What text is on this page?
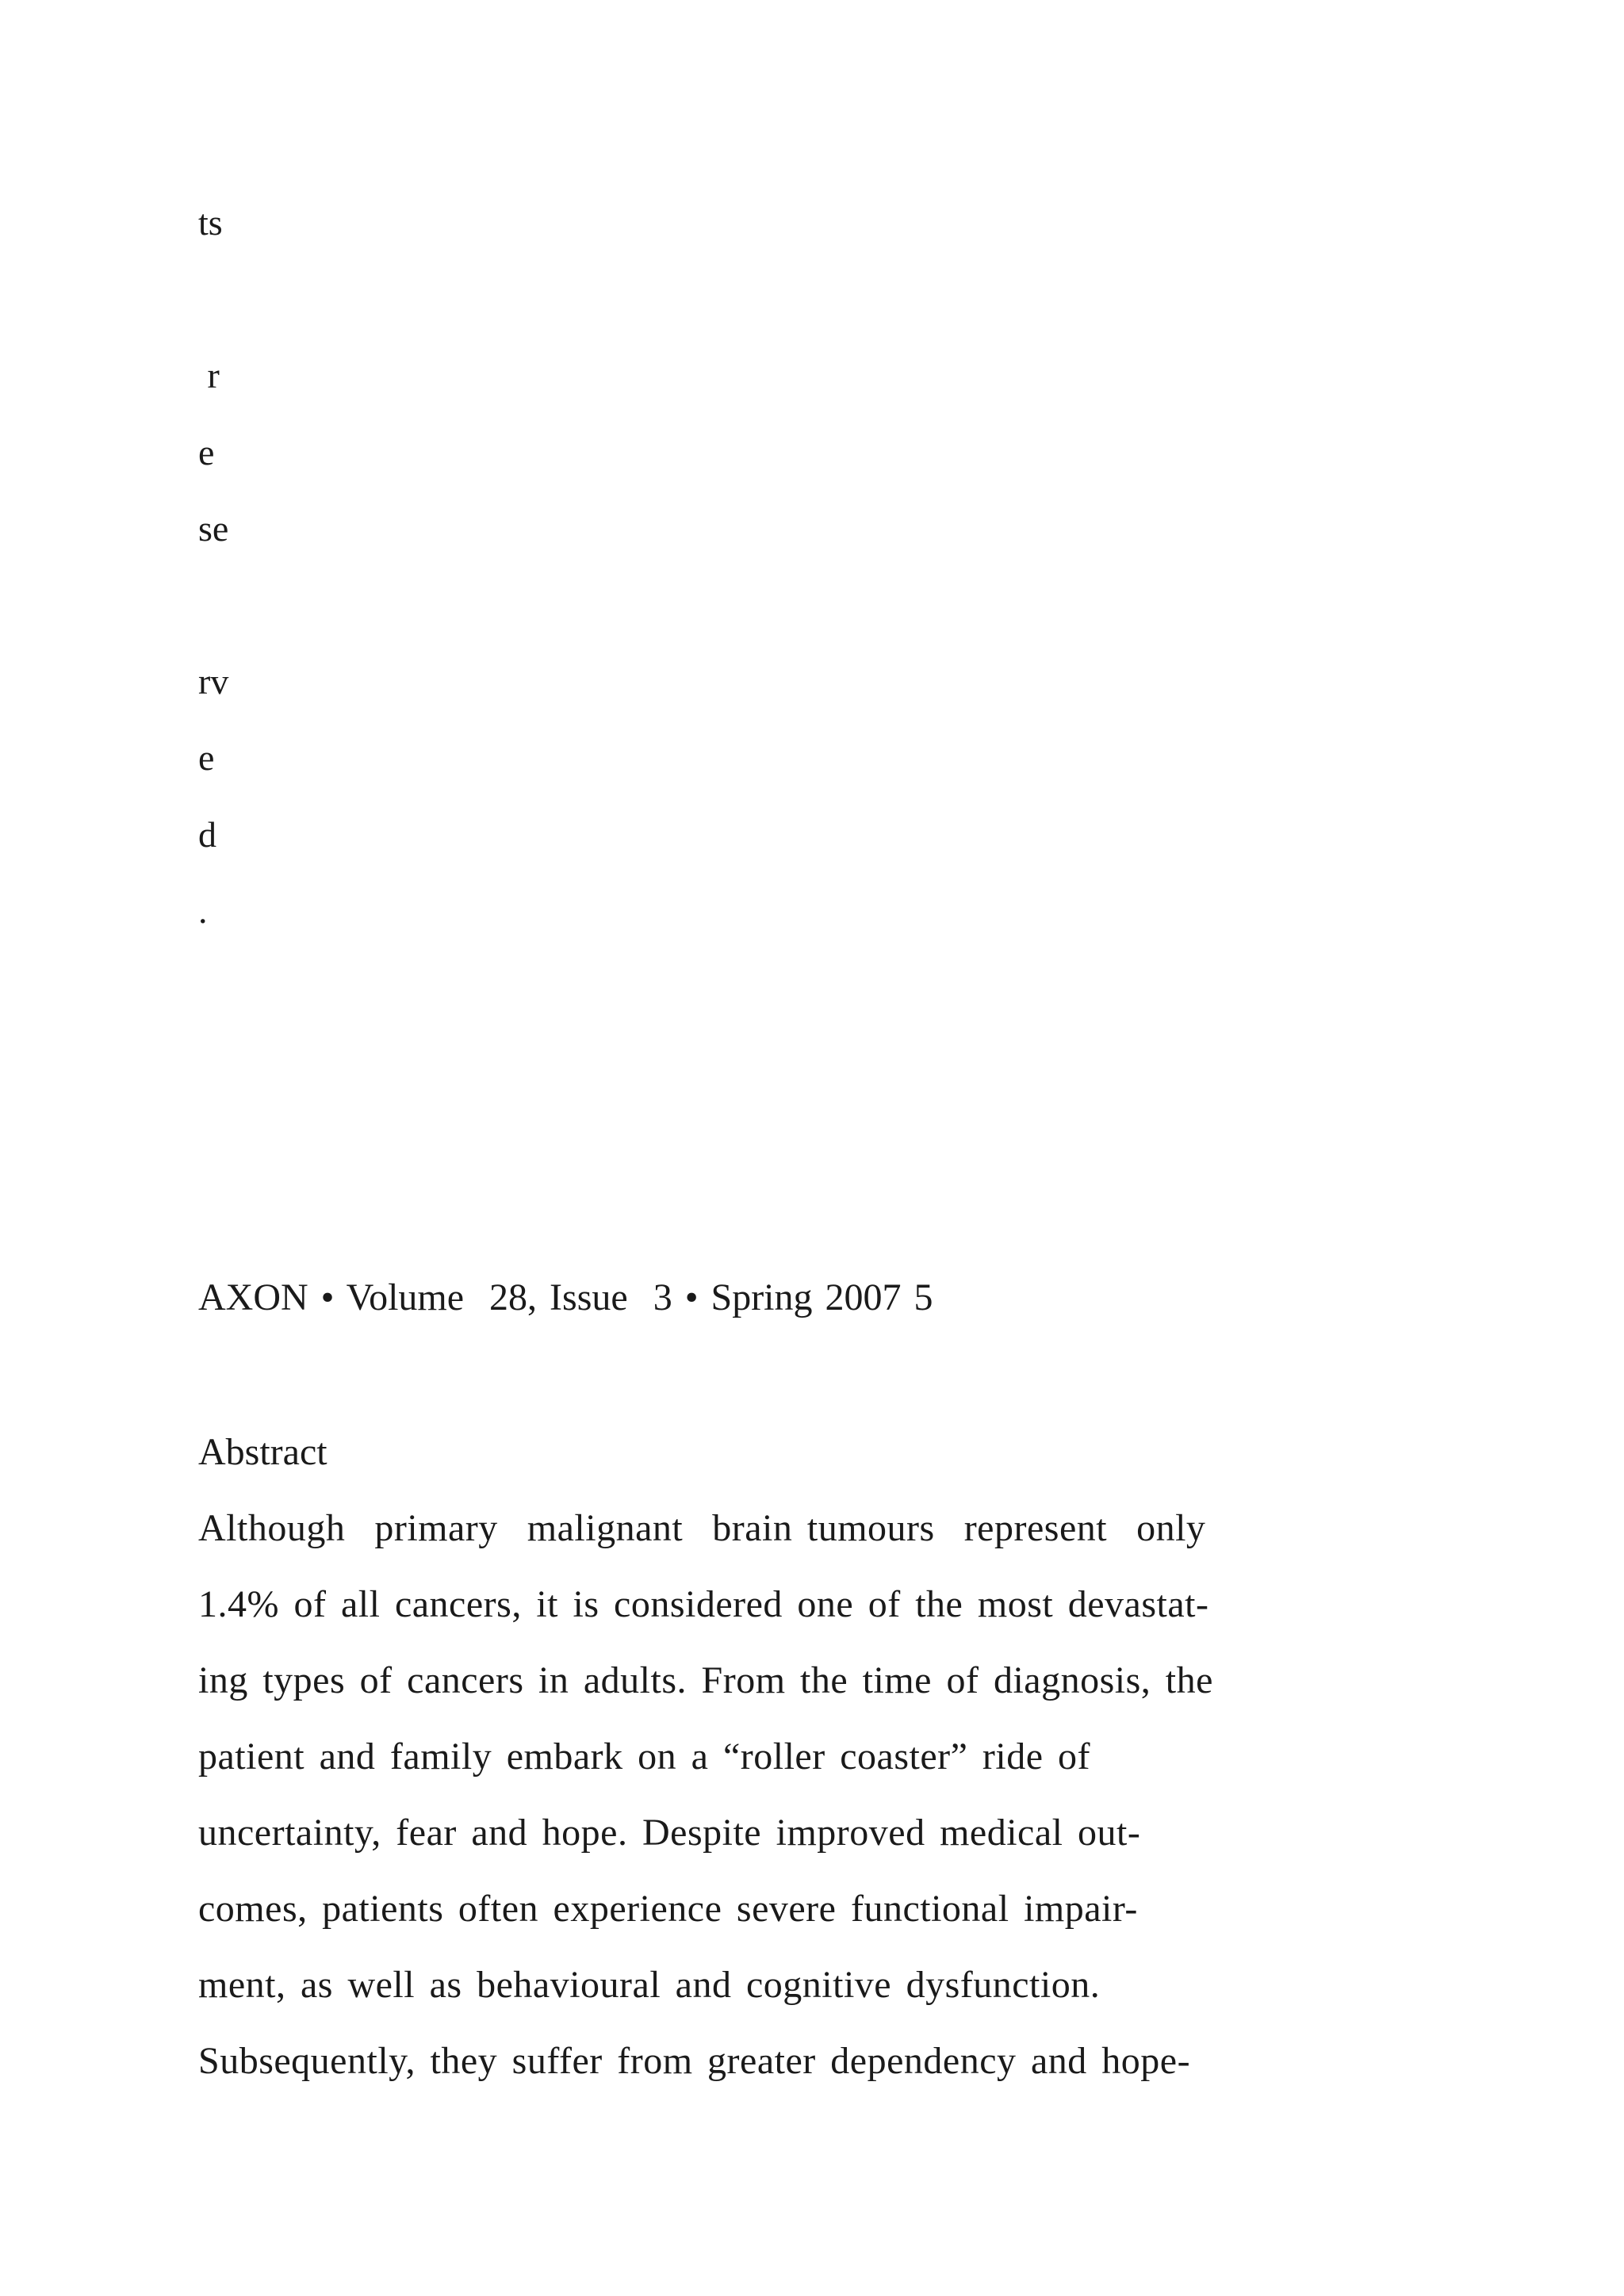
ts
r
e
se
rv
e
d
.
AXON • Volume  28, Issue  3 • Spring 2007 5
Abstract
Although  primary  malignant  brain tumours  represent  only
1.4% of all cancers, it is considered one of the most devastat-
ing types of cancers in adults. From the time of diagnosis, the
patient and family embark on a “roller coaster” ride of
uncertainty, fear and hope. Despite improved medical out-
comes, patients often experience severe functional impair-
ment, as well as behavioural and cognitive dysfunction.
Subsequently, they suffer from greater dependency and hope-
